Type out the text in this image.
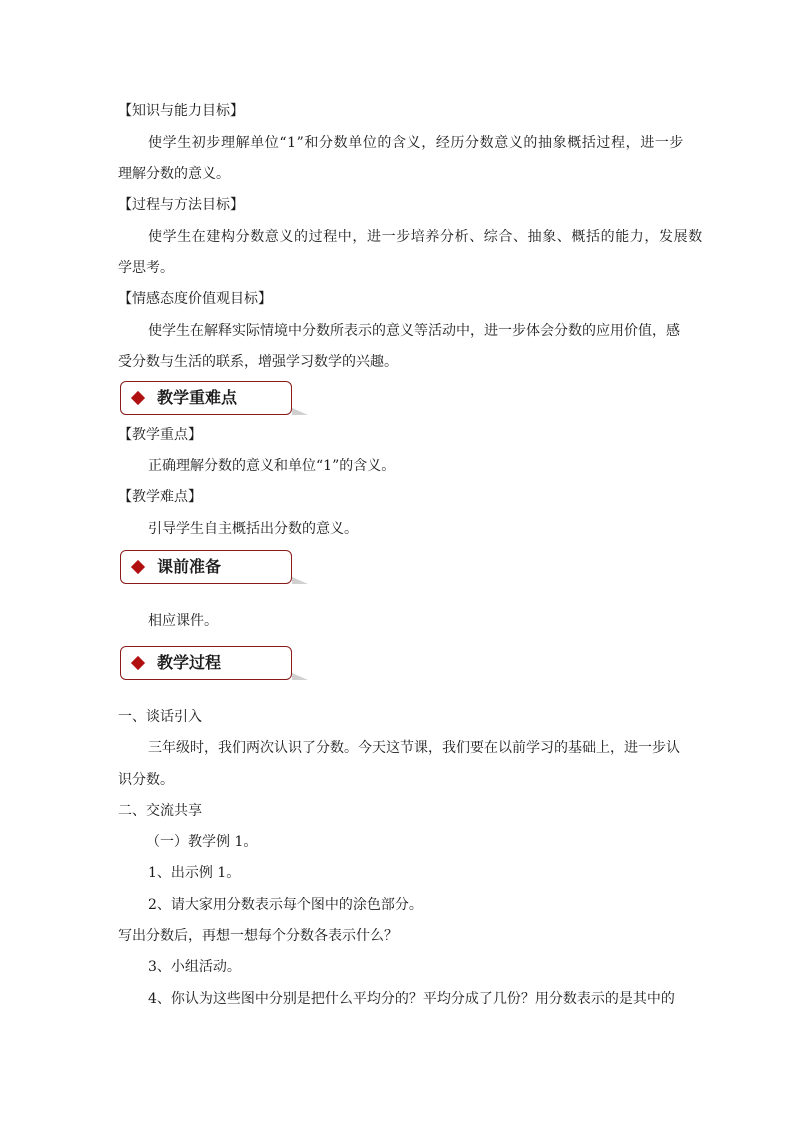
【知识与能力目标】
使学生初步理解单位“1”和分数单位的含义，经历分数意义的抽象概括过程，进一步
理解分数的意义。
【过程与方法目标】
使学生在建构分数意义的过程中，进一步培养分析、综合、抽象、概括的能力，发展数
学思考。
【情感态度价值观目标】
使学生在解释实际情境中分数所表示的意义等活动中，进一步体会分数的应用价值，感
受分数与生活的联系，增强学习数学的兴趣。
教学重难点
【教学重点】
正确理解分数的意义和单位“1”的含义。
【教学难点】
引导学生自主概括出分数的意义。
课前准备
相应课件。
教学过程
一、谈话引入
三年级时，我们两次认识了分数。今天这节课，我们要在以前学习的基础上，进一步认
识分数。
二、交流共享
（一）教学例 1。
1、出示例 1。
2、请大家用分数表示每个图中的涂色部分。
写出分数后，再想一想每个分数各表示什么？
3、小组活动。
4、你认为这些图中分别是把什么平均分的？平均分成了几份？用分数表示的是其中的
